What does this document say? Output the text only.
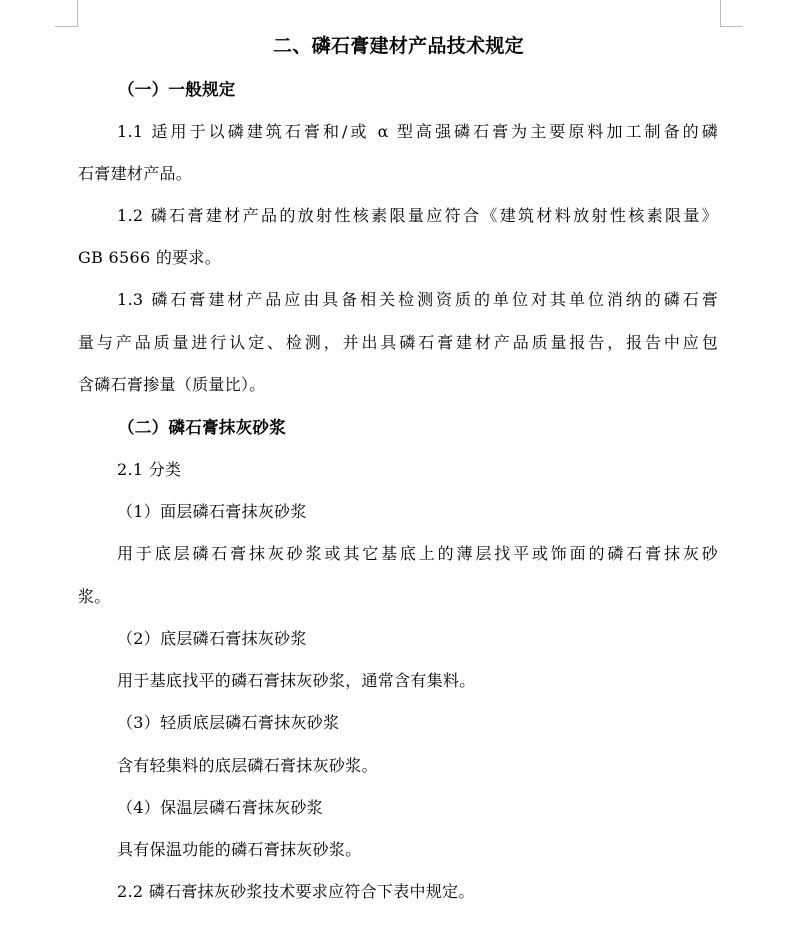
二、磷石膏建材产品技术规定
（一）一般规定
1.1 适用于以磷建筑石膏和/或 α 型高强磷石膏为主要原料加工制备的磷
石膏建材产品。
1.2 磷石膏建材产品的放射性核素限量应符合《建筑材料放射性核素限量》
GB 6566 的要求。
1.3 磷石膏建材产品应由具备相关检测资质的单位对其单位消纳的磷石膏
量与产品质量进行认定、检测，并出具磷石膏建材产品质量报告，报告中应包
含磷石膏掺量（质量比）。
（二）磷石膏抹灰砂浆
2.1 分类
（1）面层磷石膏抹灰砂浆
用于底层磷石膏抹灰砂浆或其它基底上的薄层找平或饰面的磷石膏抹灰砂
浆。
（2）底层磷石膏抹灰砂浆
用于基底找平的磷石膏抹灰砂浆，通常含有集料。
（3）轻质底层磷石膏抹灰砂浆
含有轻集料的底层磷石膏抹灰砂浆。
（4）保温层磷石膏抹灰砂浆
具有保温功能的磷石膏抹灰砂浆。
2.2 磷石膏抹灰砂浆技术要求应符合下表中规定。
